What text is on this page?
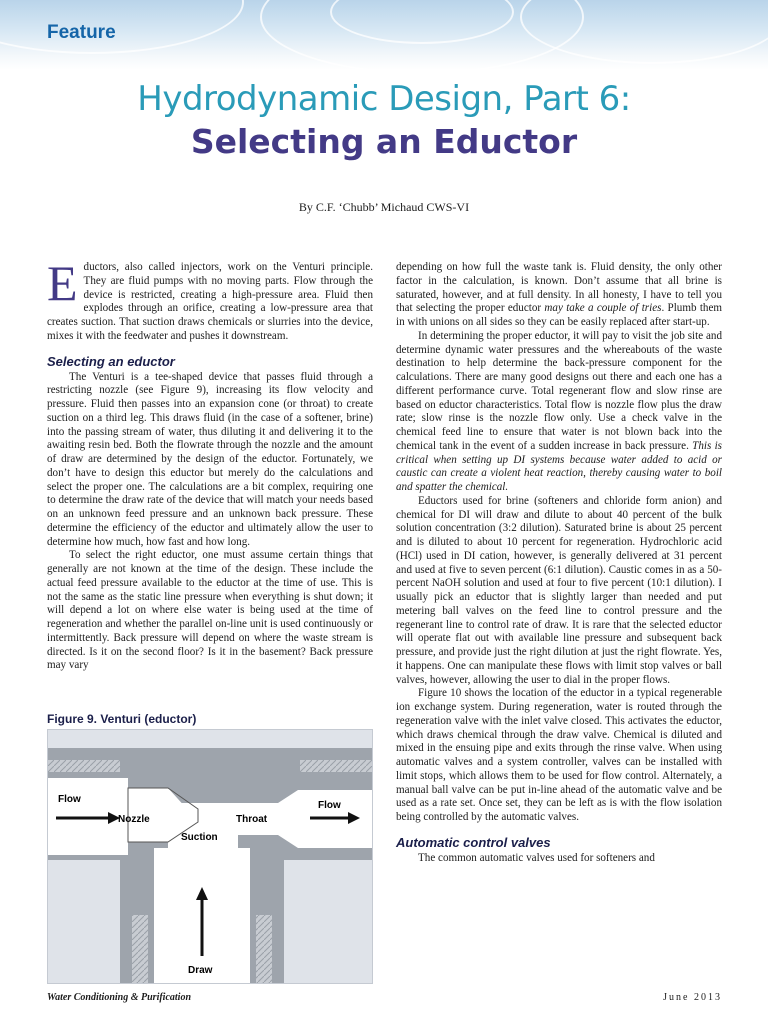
Feature
Hydrodynamic Design, Part 6:
Selecting an Eductor
By C.F. ‘Chubb’ Michaud CWS-VI

Eductors, also called injectors, work on the Venturi principle. They are fluid pumps with no moving parts. Flow through the device is restricted, creating a high-pressure area. Fluid then explodes through an orifice, creating a low-pressure area that creates suction. That suction draws chemicals or slurries into the device, mixes it with the feedwater and pushes it downstream.

Selecting an eductor

The Venturi is a tee-shaped device that passes fluid through a restricting nozzle (see Figure 9), increasing its flow velocity and pressure. Fluid then passes into an expansion cone (or throat) to create suction on a third leg. This draws fluid (in the case of a softener, brine) into the passing stream of water, thus diluting it and delivering it to the awaiting resin bed. Both the flowrate through the nozzle and the amount of draw are determined by the design of the eductor. Fortunately, we don’t have to design this eductor but merely do the calculations and select the proper one. The calculations are a bit complex, requiring one to determine the draw rate of the device that will match your needs based on an unknown feed pressure and an unknown back pressure. These determine the efficiency of the eductor and ultimately allow the user to determine how much, how fast and how long.

To select the right eductor, one must assume certain things that generally are not known at the time of the design. These include the actual feed pressure available to the eductor at the time of use. This is not the same as the static line pressure when everything is shut down; it will depend a lot on where else water is being used at the time of regeneration and whether the parallel on-line unit is used continuously or intermittently. Back pressure will depend on where the waste stream is directed. Is it on the second floor? Is it in the basement? Back pressure may vary

Figure 9. Venturi (eductor)
Flow
Nozzle	Throat
Flow
Suction
Draw

depending on how full the waste tank is. Fluid density, the only other factor in the calculation, is known. Don’t assume that all brine is saturated, however, and at full density. In all honesty, I have to tell you that selecting the proper eductor may take a couple of tries. Plumb them in with unions on all sides so they can be easily replaced after start-up.

In determining the proper eductor, it will pay to visit the job site and determine dynamic water pressures and the whereabouts of the waste destination to help determine the back-pressure component for the calculations. There are many good designs out there and each one has a different performance curve. Total regenerant flow and slow rinse are based on eductor characteristics. Total flow is nozzle flow plus the draw rate; slow rinse is the nozzle flow only. Use a check valve in the chemical feed line to ensure that water is not blown back into the chemical tank in the event of a sudden increase in back pressure. This is critical when setting up DI systems because water added to acid or caustic can create a violent heat reaction, thereby causing water to boil and spatter the chemical.

Eductors used for brine (softeners and chloride form anion) and chemical for DI will draw and dilute to about 40 percent of the bulk solution concentration (3:2 dilution). Saturated brine is about 25 percent and is diluted to about 10 percent for regeneration. Hydrochloric acid (HCl) used in DI cation, however, is generally delivered at 31 percent and used at five to seven percent (6:1 dilution). Caustic comes in as a 50-percent NaOH solution and used at four to five percent (10:1 dilution). I usually pick an eductor that is slightly larger than needed and put metering ball valves on the feed line to control pressure and the regenerant line to control rate of draw. It is rare that the selected eductor will operate flat out with available line pressure and subsequent back pressure, and provide just the right dilution at just the right flowrate. Yes, it happens. One can manipulate these flows with limit stop valves or ball valves, however, allowing the user to dial in the proper flows.

Figure 10 shows the location of the eductor in a typical regenerable ion exchange system. During regeneration, water is routed through the regeneration valve with the inlet valve closed. This activates the eductor, which draws chemical through the draw valve. Chemical is diluted and mixed in the ensuing pipe and exits through the rinse valve. When using automatic valves and a system controller, valves can be installed with limit stops, which allows them to be used for flow control. Alternately, a manual ball valve can be put in-line ahead of the automatic valve and be used as a rate set. Once set, they can be left as is with the flow isolation being controlled by the automatic valves.

Automatic control valves

The common automatic valves used for softeners and

Water Conditioning & Purification	June 2013
